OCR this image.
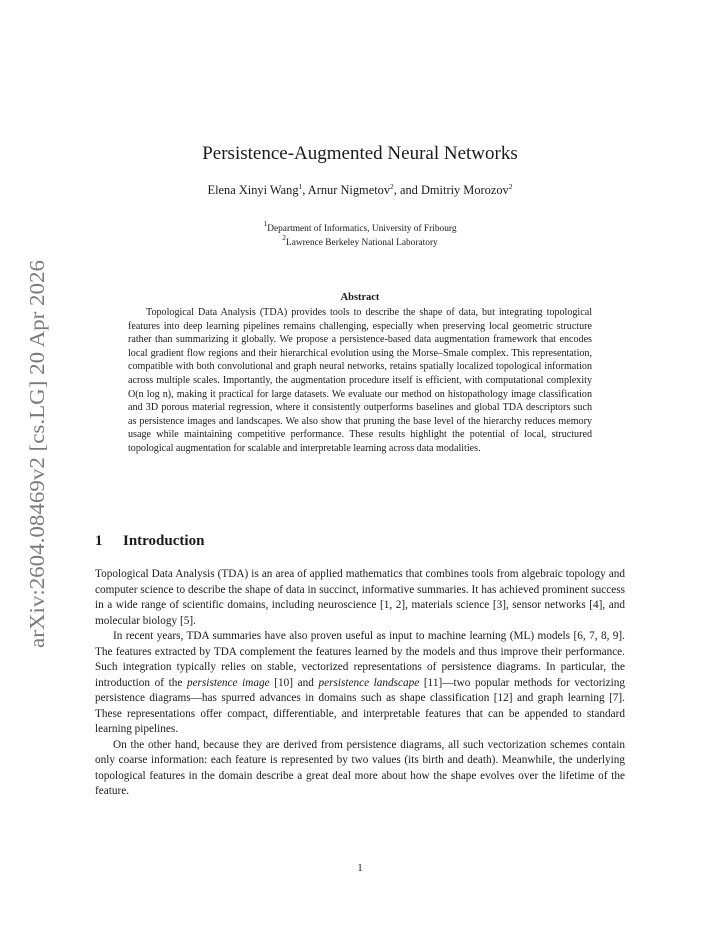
arXiv:2604.08469v2 [cs.LG] 20 Apr 2026
Persistence-Augmented Neural Networks
Elena Xinyi Wang$^1$, Arnur Nigmetov$^2$, and Dmitriy Morozov$^2$
$^1$Department of Informatics, University of Fribourg
$^2$Lawrence Berkeley National Laboratory
Abstract

Topological Data Analysis (TDA) provides tools to describe the shape of data, but integrating topological features into deep learning pipelines remains challenging, especially when preserving local geometric structure rather than summarizing it globally. We propose a persistence-based data augmentation framework that encodes local gradient flow regions and their hierarchical evolution using the Morse–Smale complex. This representation, compatible with both convolutional and graph neural networks, retains spatially localized topological information across multiple scales. Importantly, the augmentation procedure itself is efficient, with computational complexity O(n log n), making it practical for large datasets. We evaluate our method on histopathology image classification and 3D porous material regression, where it consistently outperforms baselines and global TDA descriptors such as persistence images and landscapes. We also show that pruning the base level of the hierarchy reduces memory usage while maintaining competitive performance. These results highlight the potential of local, structured topological augmentation for scalable and interpretable learning across data modalities.

1 Introduction

Topological Data Analysis (TDA) is an area of applied mathematics that combines tools from algebraic topology and computer science to describe the shape of data in succinct, informative summaries. It has achieved prominent success in a wide range of scientific domains, including neuroscience [1, 2], materials science [3], sensor networks [4], and molecular biology [5].

In recent years, TDA summaries have also proven useful as input to machine learning (ML) models [6, 7, 8, 9]. The features extracted by TDA complement the features learned by the models and thus improve their performance. Such integration typically relies on stable, vectorized representations of persistence diagrams. In particular, the introduction of the persistence image [10] and persistence landscape [11]—two popular methods for vectorizing persistence diagrams—has spurred advances in domains such as shape classification [12] and graph learning [7]. These representations offer compact, differentiable, and interpretable features that can be appended to standard learning pipelines.

On the other hand, because they are derived from persistence diagrams, all such vectorization schemes contain only coarse information: each feature is represented by two values (its birth and death). Meanwhile, the underlying topological features in the domain describe a great deal more about how the shape evolves over the lifetime of the feature.

1
